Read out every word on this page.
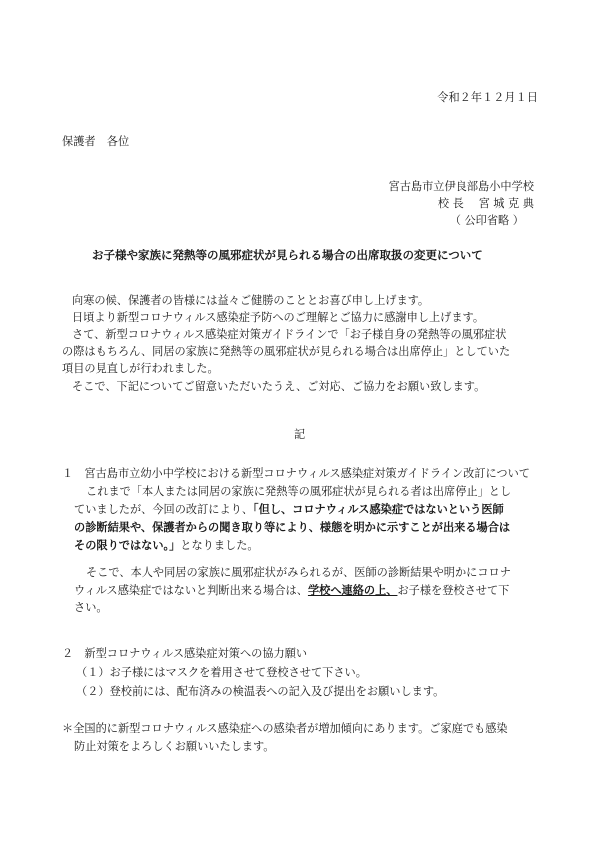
令和２年１２月１日
保護者　各位
宮古島市立伊良部島小中学校
校 長　 宮 城 克 典
（ 公印省略 ）
お子様や家族に発熱等の風邪症状が見られる場合の出席取扱の変更について
向寒の候、保護者の皆様には益々ご健勝のこととお喜び申し上げます。
日頃より新型コロナウィルス感染症予防へのご理解とご協力に感謝申し上げます。
さて、新型コロナウィルス感染症対策ガイドラインで「お子様自身の発熱等の風邪症状
の際はもちろん、同居の家族に発熱等の風邪症状が見られる場合は出席停止」としていた
項目の見直しが行われました。
そこで、下記についてご留意いただいたうえ、ご対応、ご協力をお願い致します。
記
１　宮古島市立幼小中学校における新型コロナウィルス感染症対策ガイドライン改訂について
これまで「本人または同居の家族に発熱等の風邪症状が見られる者は出席停止」とし
ていましたが、今回の改訂により、「但し、コロナウィルス感染症ではないという医師
の診断結果や、保護者からの聞き取り等により、様態を明かに示すことが出来る場合は
その限りではない。」となりました。
そこで、本人や同居の家族に風邪症状がみられるが、医師の診断結果や明かにコロナ
ウィルス感染症ではないと判断出来る場合は、学校へ連絡の上、お子様を登校させて下
さい。
２　新型コロナウィルス感染症対策への協力願い
（１）お子様にはマスクを着用させて登校させて下さい。
（２）登校前には、配布済みの検温表への記入及び提出をお願いします。
＊全国的に新型コロナウィルス感染症への感染者が増加傾向にあります。ご家庭でも感染
防止対策をよろしくお願いいたします。
